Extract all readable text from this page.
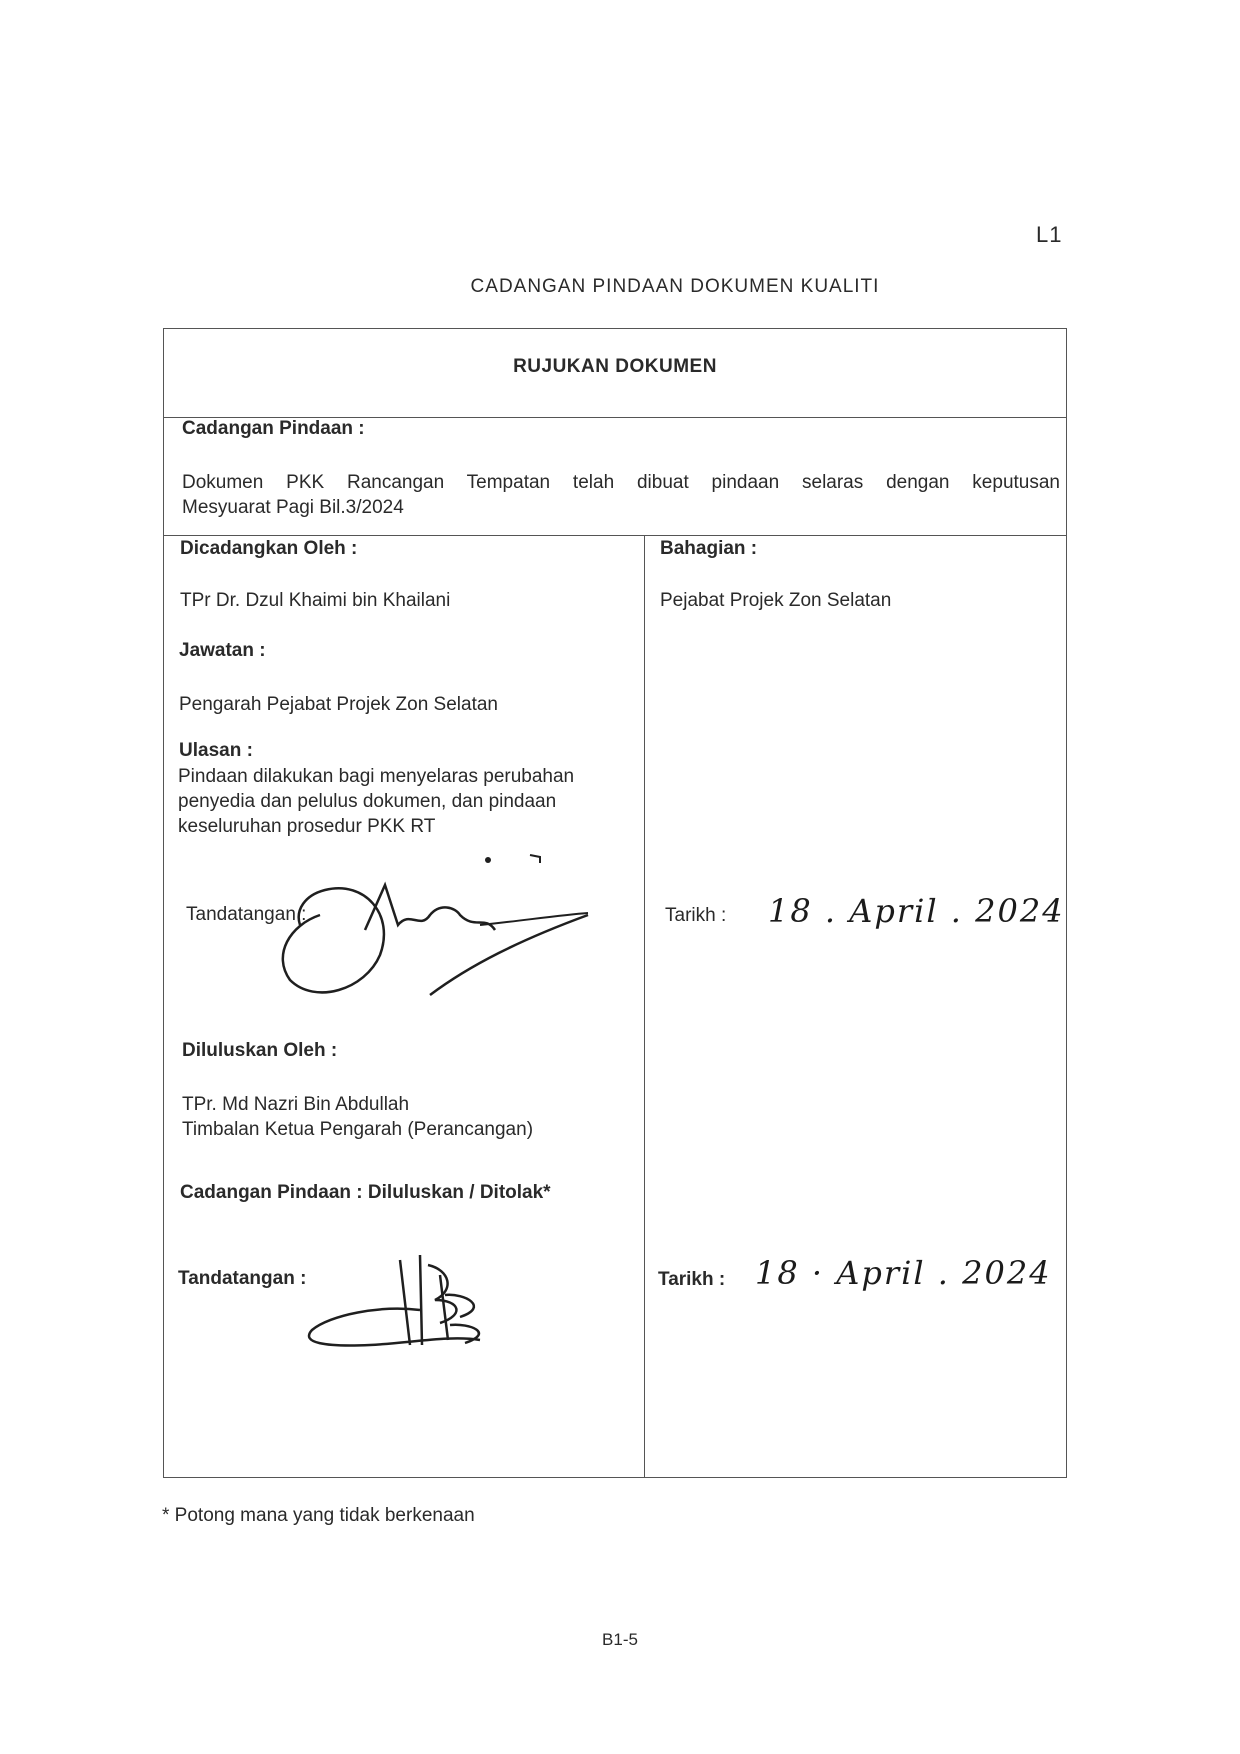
L1
CADANGAN PINDAAN DOKUMEN KUALITI
RUJUKAN DOKUMEN
Cadangan Pindaan :
Dokumen PKK Rancangan Tempatan telah dibuat pindaan selaras dengan keputusan
Mesyuarat Pagi Bil.3/2024
Dicadangkan Oleh :
TPr Dr. Dzul Khaimi bin Khailani
Jawatan :
Pengarah Pejabat Projek Zon Selatan
Ulasan :
Pindaan dilakukan bagi menyelaras perubahan
penyedia dan pelulus dokumen, dan pindaan
keseluruhan prosedur PKK RT
Tandatangan :	Tarikh : 18 . April . 2024
Bahagian :
Pejabat Projek Zon Selatan
Diluluskan Oleh :
TPr. Md Nazri Bin Abdullah
Timbalan Ketua Pengarah (Perancangan)
Cadangan Pindaan : Diluluskan / Ditolak*
Tandatangan :	Tarikh : 18 · April . 2024
* Potong mana yang tidak berkenaan
B1-5
